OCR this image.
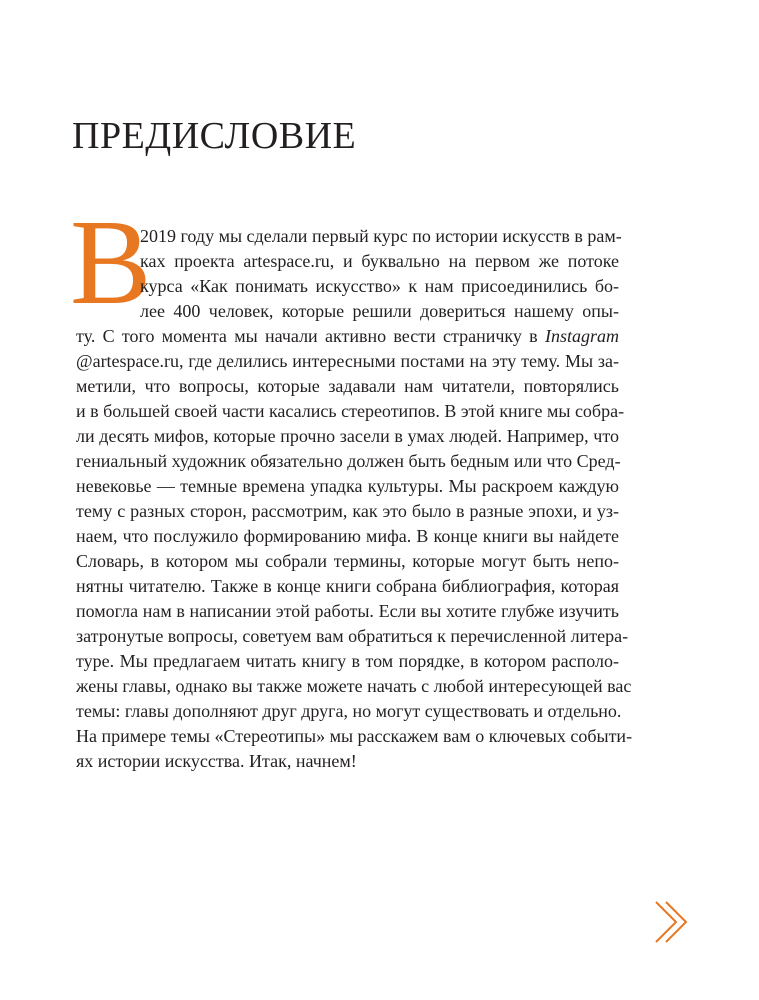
ПРЕДИСЛОВИЕ
В
2019 году мы сделали первый курс по истории искусств в рам-
ках проекта artespace.ru, и буквально на первом же потоке
курса «Как понимать искусство» к нам присоединились бо-
лее 400 человек, которые решили довериться нашему опы-
ту. С того момента мы начали активно вести страничку в Instagram
@artespace.ru, где делились интересными постами на эту тему. Мы за-
метили, что вопросы, которые задавали нам читатели, повторялись
и в большей своей части касались стереотипов. В этой книге мы собра-
ли десять мифов, которые прочно засели в умах людей. Например, что
гениальный художник обязательно должен быть бедным или что Сред-
невековье — темные времена упадка культуры. Мы раскроем каждую
тему с разных сторон, рассмотрим, как это было в разные эпохи, и уз-
наем, что послужило формированию мифа. В конце книги вы найдете
Словарь, в котором мы собрали термины, которые могут быть непо-
нятны читателю. Также в конце книги собрана библиография, которая
помогла нам в написании этой работы. Если вы хотите глубже изучить
затронутые вопросы, советуем вам обратиться к перечисленной литера-
туре. Мы предлагаем читать книгу в том порядке, в котором располо-
жены главы, однако вы также можете начать с любой интересующей вас
темы: главы дополняют друг друга, но могут существовать и отдельно.
На примере темы «Стереотипы» мы расскажем вам о ключевых событи-
ях истории искусства. Итак, начнем!
